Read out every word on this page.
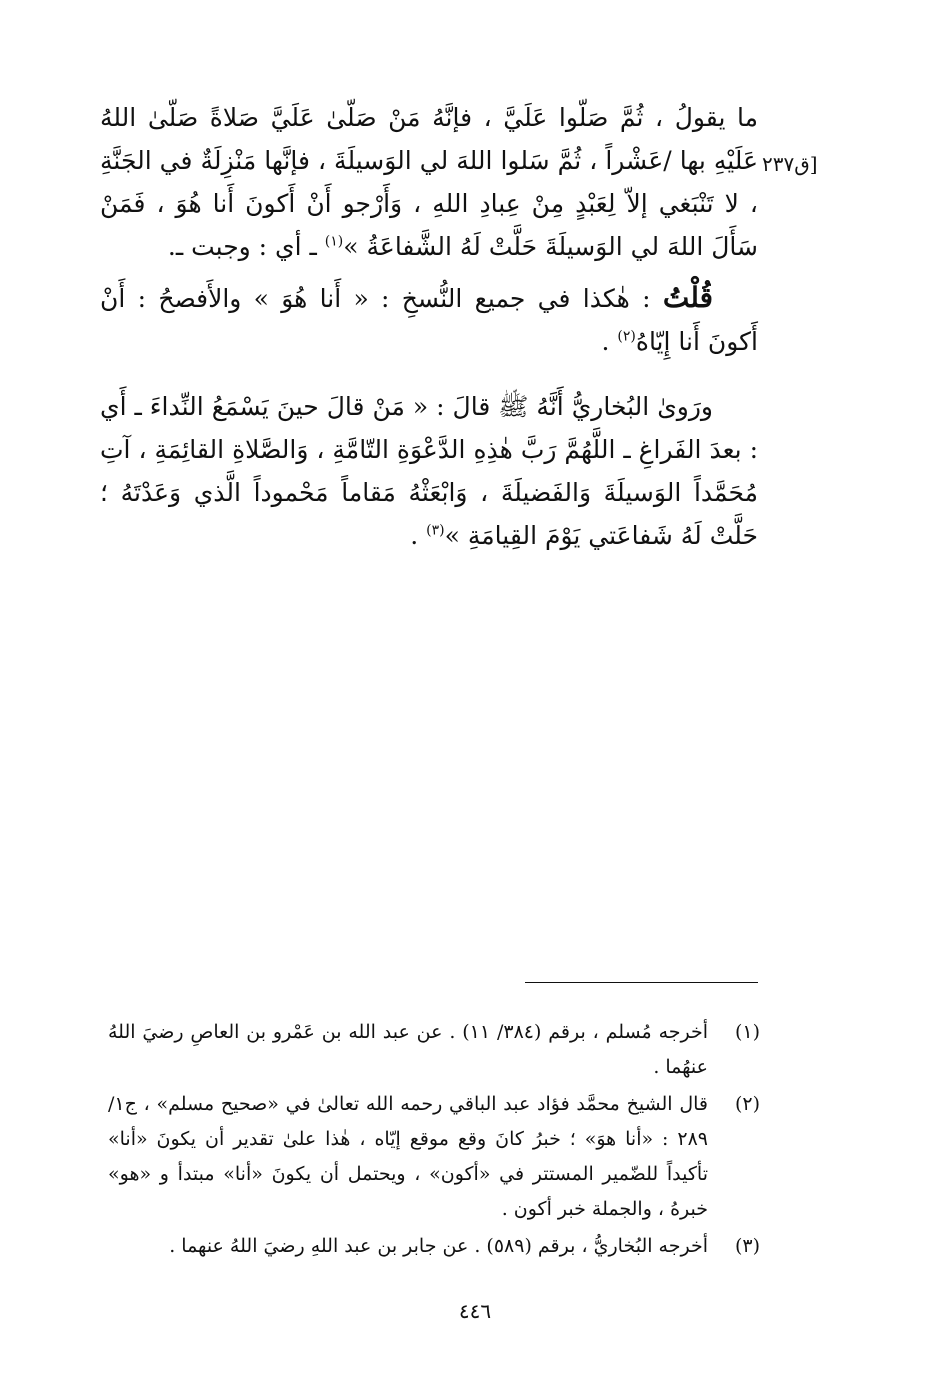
[ق٢٣٧

ما يقولُ ، ثُمَّ صَلّوا عَلَيَّ ، فإنَّهُ مَنْ صَلّىٰ عَلَيَّ صَلاةً صَلّىٰ اللهُ عَلَيْهِ بها /عَشْراً ، ثُمَّ سَلوا اللهَ لي الوَسيلَةَ ، فإنَّها مَنْزِلَةٌ في الجَنَّةِ ، لا تَنْبَغي إلاّ لِعَبْدٍ مِنْ عِبادِ اللهِ ، وَأَرْجو أَنْ أَكونَ أَنا هُوَ ، فَمَنْ سَأَلَ اللهَ لي الوَسيلَةَ حَلَّتْ لَهُ الشَّفاعَةُ »$^{(١)}$ ـ أي : وجبت ـ.

قُلْتُ : هٰكذا في جميع النُّسخِ : « أَنا هُوَ » والأَفصحُ : أَنْ أَكونَ أَنا إِيّاهُ$^{(٢)}$ .

ورَوىٰ البُخاريُّ أَنَّهُ ﷺ قالَ : « مَنْ قالَ حينَ يَسْمَعُ النِّداءَ ـ أَي : بعدَ الفَراغِ ـ اللَّهُمَّ رَبَّ هٰذِهِ الدَّعْوَةِ التّامَّةِ ، وَالصَّلاةِ القائِمَةِ ، آتِ مُحَمَّداً الوَسيلَةَ وَالفَضيلَةَ ، وَابْعَثْهُ مَقاماً مَحْموداً الَّذي وَعَدْتَهُ ؛ حَلَّتْ لَهُ شَفاعَتي يَوْمَ القِيامَةِ »$^{(٣)}$ .

(١)
أخرجه مُسلم ، برقم (٣٨٤/ ١١) . عن عبد الله بن عَمْرو بن العاصِ رضيَ اللهُ عنهُما .
(٢)
قال الشيخ محمَّد فؤاد عبد الباقي رحمه الله تعالىٰ في «صحيح مسلم» ، ج١/ ٢٨٩ : «أنا هوَ» ؛ خبرُ كانَ وقع موقع إيّاه ، هٰذا علىٰ تقدير أن يكونَ «أنا» تأكيداً للضّمير المستتر في «أكون» ، ويحتمل أن يكونَ «أنا» مبتدأ و «هو» خبرهُ ، والجملة خبر أكون .
(٣)
أخرجه البُخاريُّ ، برقم (٥٨٩) . عن جابر بن عبد اللهِ رضيَ اللهُ عنهما .
٤٤٦
